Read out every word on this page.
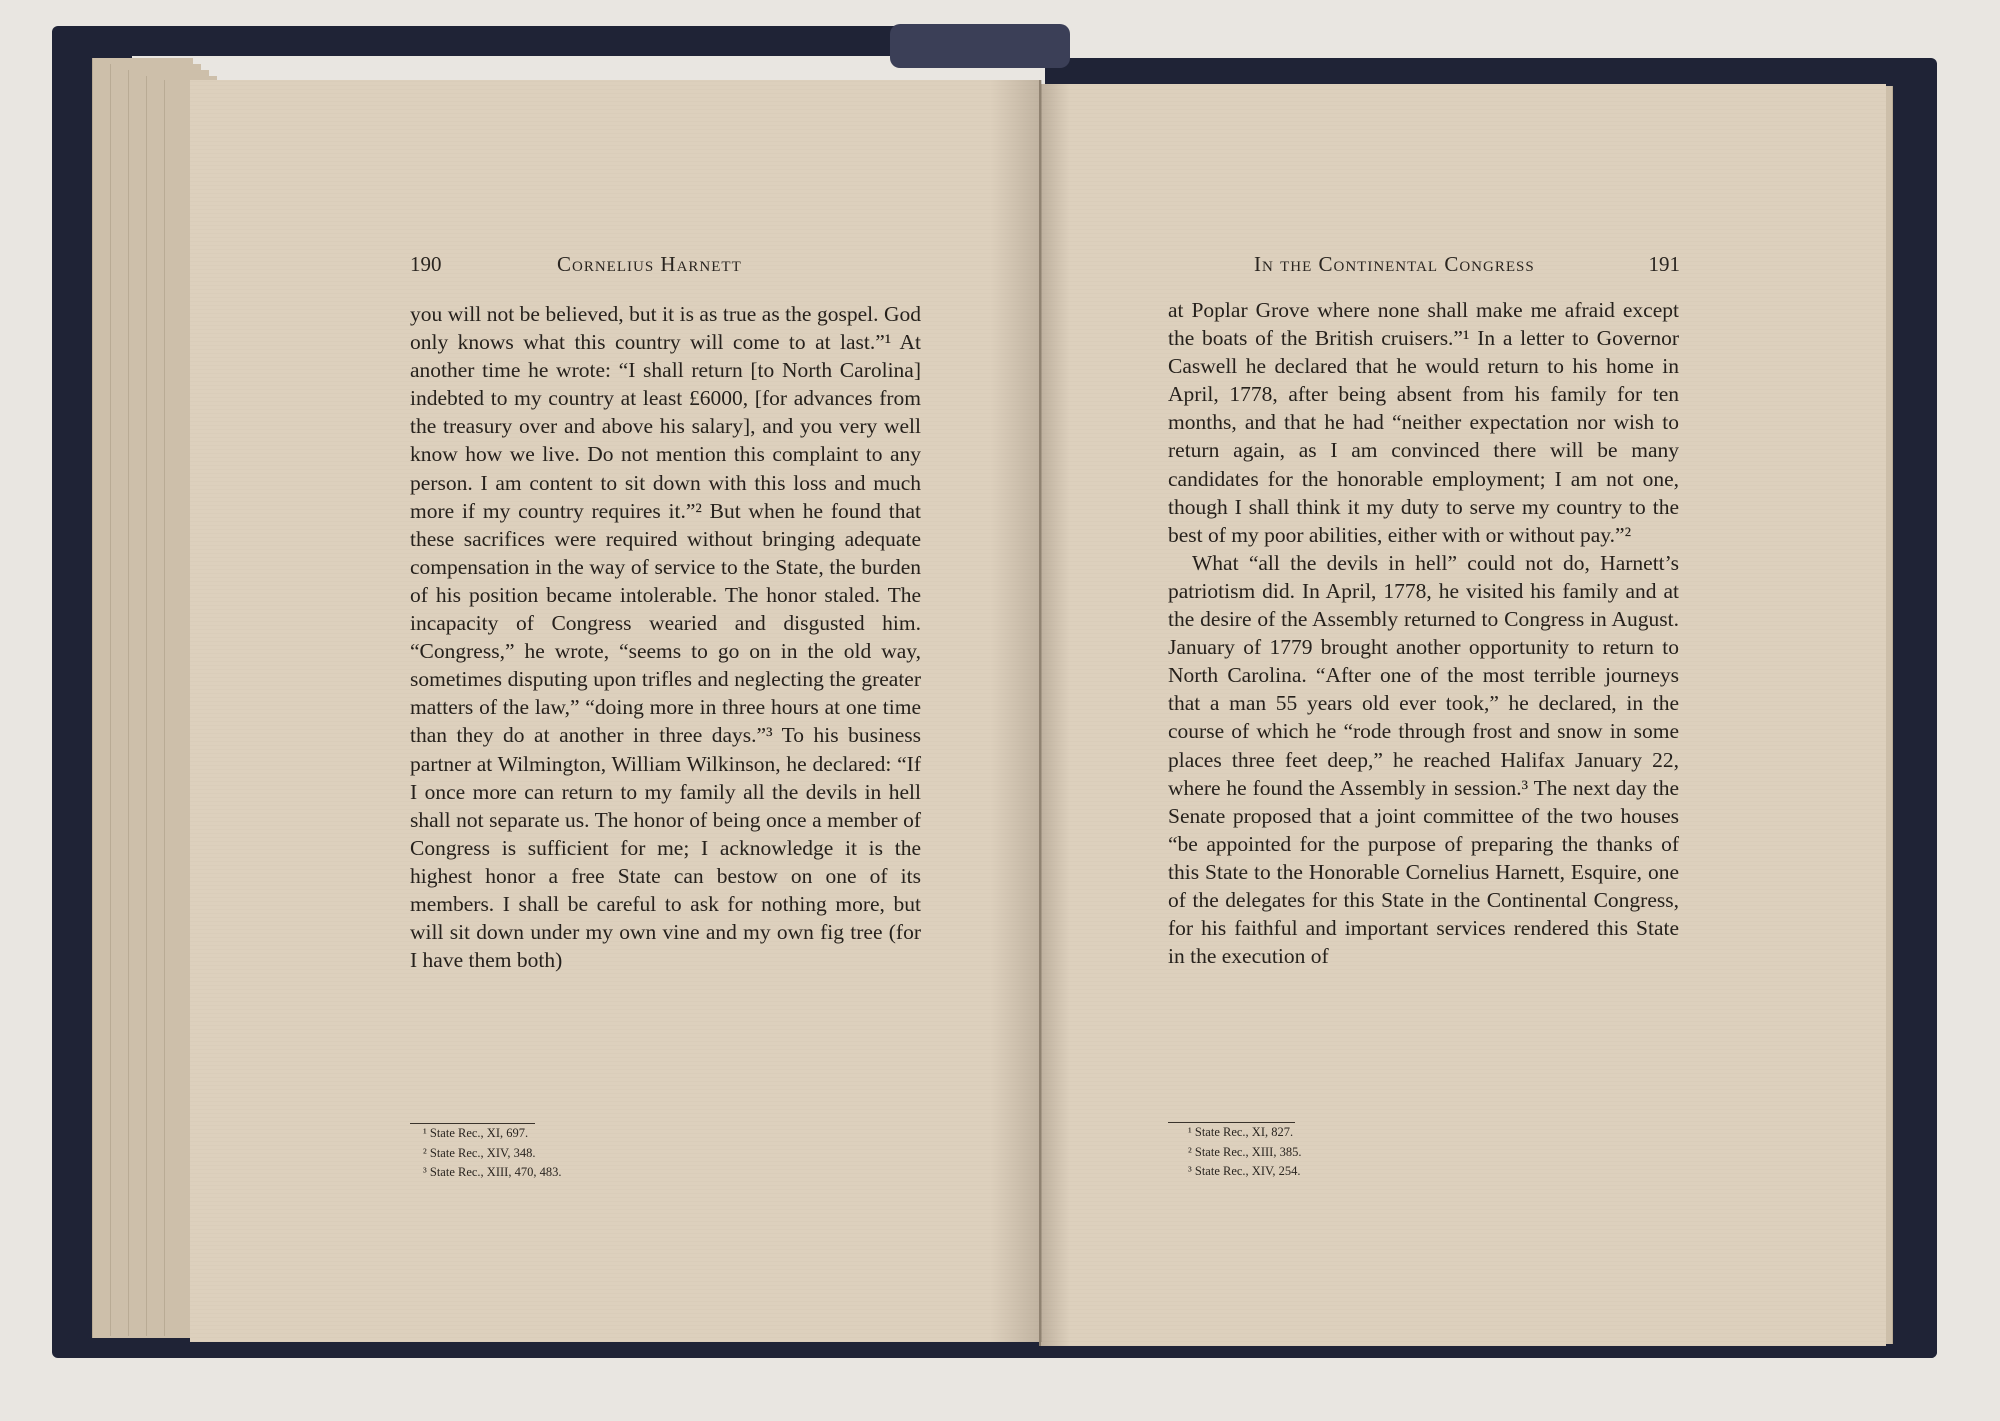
190	Cornelius Harnett

you will not be believed, but it is as true as the gospel. God only knows what this country will come to at last.”¹ At another time he wrote: “I shall return [to North Carolina] indebted to my country at least £6000, [for advances from the treasury over and above his salary], and you very well know how we live. Do not mention this complaint to any person. I am content to sit down with this loss and much more if my country requires it.”² But when he found that these sacrifices were required without bringing adequate compensation in the way of service to the State, the burden of his position became intolerable. The honor staled. The incapacity of Congress wearied and disgusted him. “Congress,” he wrote, “seems to go on in the old way, sometimes disputing upon trifles and neglecting the greater matters of the law,” “doing more in three hours at one time than they do at another in three days.”³ To his business partner at Wilmington, William Wilkinson, he declared: “If I once more can return to my family all the devils in hell shall not separate us. The honor of being once a member of Congress is sufficient for me; I acknowledge it is the highest honor a free State can bestow on one of its members. I shall be careful to ask for nothing more, but will sit down under my own vine and my own fig tree (for I have them both)

¹ State Rec., XI, 697.
² State Rec., XIV, 348.
³ State Rec., XIII, 470, 483.
In the Continental Congress	191

at Poplar Grove where none shall make me afraid except the boats of the British cruisers.”¹ In a letter to Governor Caswell he declared that he would return to his home in April, 1778, after being absent from his family for ten months, and that he had “neither expectation nor wish to return again, as I am convinced there will be many candidates for the honorable employment; I am not one, though I shall think it my duty to serve my country to the best of my poor abilities, either with or without pay.”²

What “all the devils in hell” could not do, Harnett’s patriotism did. In April, 1778, he visited his family and at the desire of the Assembly returned to Congress in August. January of 1779 brought another opportunity to return to North Carolina. “After one of the most terrible journeys that a man 55 years old ever took,” he declared, in the course of which he “rode through frost and snow in some places three feet deep,” he reached Halifax January 22, where he found the Assembly in session.³ The next day the Senate proposed that a joint committee of the two houses “be appointed for the purpose of preparing the thanks of this State to the Honorable Cornelius Harnett, Esquire, one of the delegates for this State in the Continental Congress, for his faithful and important services rendered this State in the execution of

¹ State Rec., XI, 827.
² State Rec., XIII, 385.
³ State Rec., XIV, 254.
